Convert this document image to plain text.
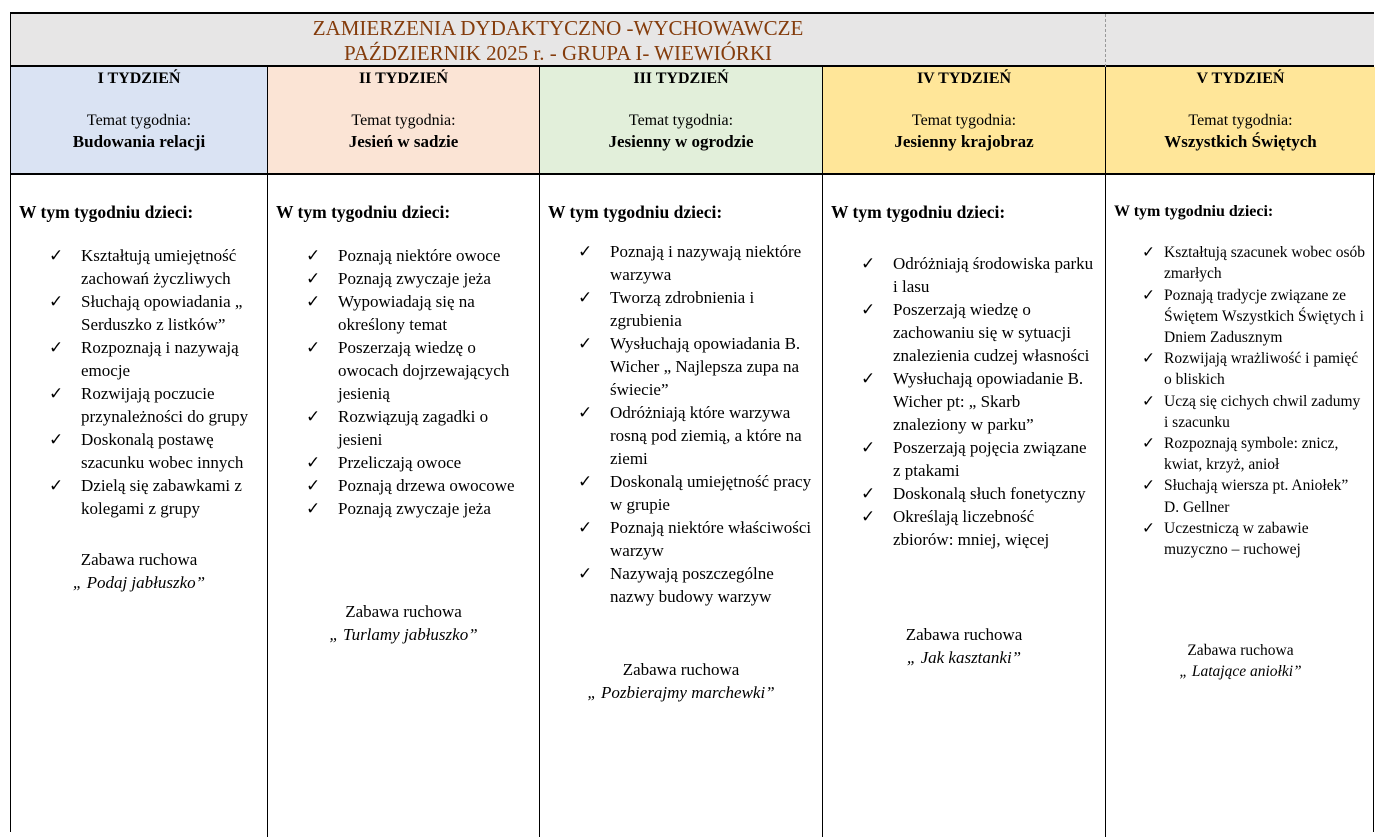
ZAMIERZENIA DYDAKTYCZNO -WYCHOWAWCZE
PAŹDZIERNIK 2025 r. - GRUPA I- WIEWIÓRKI
I TYDZIEŃ
Temat tygodnia:
Budowania relacji
W tym tygodniu dzieci:
✓ Kształtują umiejętność zachowań życzliwych
✓ Słuchają opowiadania „ Serduszko z listków”
✓ Rozpoznają i nazywają emocje
✓ Rozwijają poczucie przynależności do grupy
✓ Doskonalą postawę szacunku wobec innych
✓ Dzielą się zabawkami z kolegami z grupy
Zabawa ruchowa
„ Podaj jabłuszko”
II TYDZIEŃ
Temat tygodnia:
Jesień w sadzie
W tym tygodniu dzieci:
✓ Poznają niektóre owoce
✓ Poznają zwyczaje jeża
✓ Wypowiadają się na określony temat
✓ Poszerzają wiedzę o owocach dojrzewających jesienią
✓ Rozwiązują zagadki o jesieni
✓ Przeliczają owoce
✓ Poznają drzewa owocowe
✓ Poznają zwyczaje jeża
Zabawa ruchowa
„ Turlamy jabłuszko”
III TYDZIEŃ
Temat tygodnia:
Jesienny w ogrodzie
W tym tygodniu dzieci:
✓ Poznają i nazywają niektóre warzywa
✓ Tworzą zdrobnienia i zgrubienia
✓ Wysłuchają opowiadania B. Wicher „ Najlepsza zupa na świecie”
✓ Odróżniają które warzywa rosną pod ziemią, a które na ziemi
✓ Doskonalą umiejętność pracy w grupie
✓ Poznają niektóre właściwości warzyw
✓ Nazywają poszczególne nazwy budowy warzyw
Zabawa ruchowa
„ Pozbierajmy marchewki”
IV TYDZIEŃ
Temat tygodnia:
Jesienny krajobraz
W tym tygodniu dzieci:
✓ Odróżniają środowiska parku i lasu
✓ Poszerzają wiedzę o zachowaniu się w sytuacji znalezienia cudzej własności
✓ Wysłuchają opowiadanie B. Wicher pt: „ Skarb znaleziony w parku”
✓ Poszerzają pojęcia związane z ptakami
✓ Doskonalą słuch fonetyczny
✓ Określają liczebność zbiorów: mniej, więcej
Zabawa ruchowa
„ Jak kasztanki”
V TYDZIEŃ
Temat tygodnia:
Wszystkich Świętych
W tym tygodniu dzieci:
✓ Kształtują szacunek wobec osób zmarłych
✓ Poznają tradycje związane ze Świętem Wszystkich Świętych i Dniem Zadusznym
✓ Rozwijają wrażliwość i pamięć o bliskich
✓ Uczą się cichych chwil zadumy i szacunku
✓ Rozpoznają symbole: znicz, kwiat, krzyż, anioł
✓ Słuchają wiersza pt. Aniołek” D. Gellner
✓ Uczestniczą w zabawie muzyczno – ruchowej
Zabawa ruchowa
„ Latające aniołki”
